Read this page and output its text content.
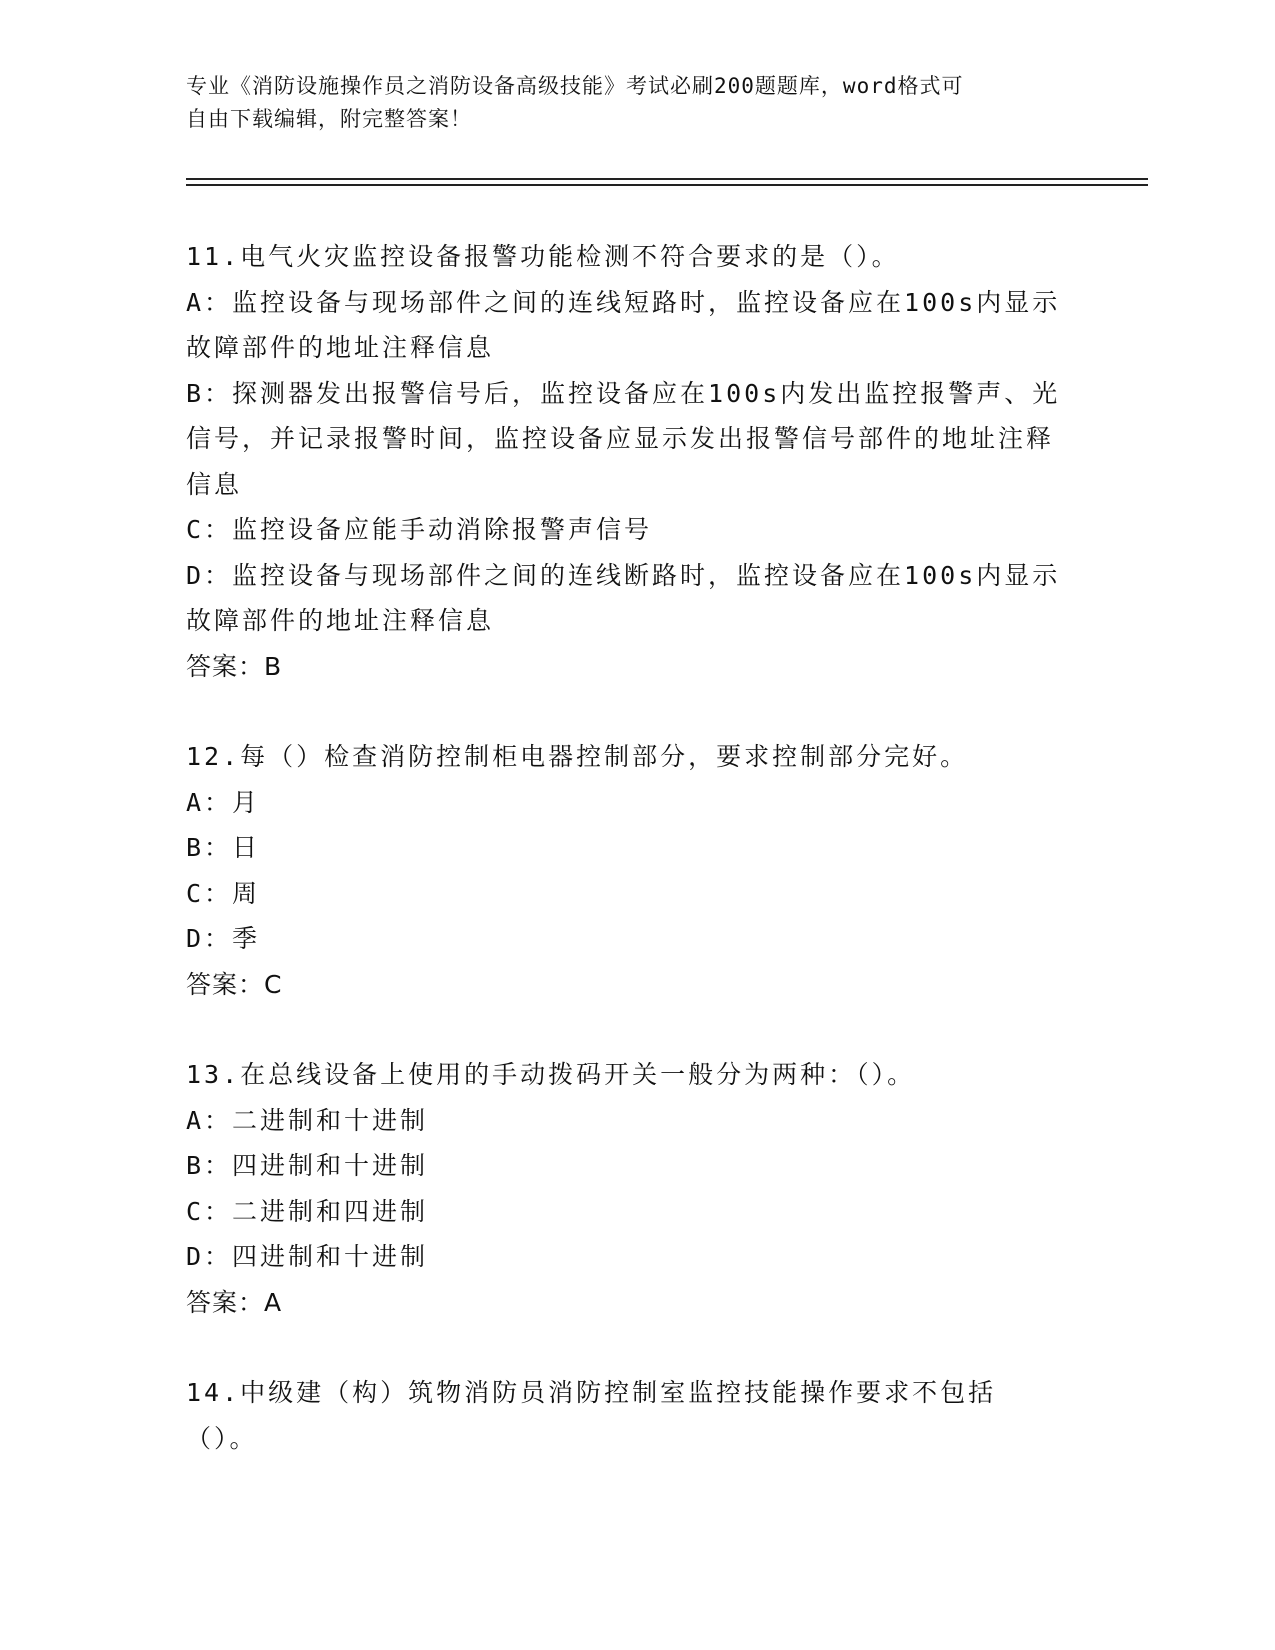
专业《消防设施操作员之消防设备高级技能》考试必刷200题题库，word格式可
自由下载编辑，附完整答案！

11.电气火灾监控设备报警功能检测不符合要求的是（）。

A：监控设备与现场部件之间的连线短路时，监控设备应在100s内显示故障部件的地址注释信息

B：探测器发出报警信号后，监控设备应在100s内发出监控报警声、光信号，并记录报警时间，监控设备应显示发出报警信号部件的地址注释信息

C：监控设备应能手动消除报警声信号

D：监控设备与现场部件之间的连线断路时，监控设备应在100s内显示故障部件的地址注释信息

答案：B

12.每（）检查消防控制柜电器控制部分，要求控制部分完好。

A：月

B：日

C：周

D：季

答案：C

13.在总线设备上使用的手动拨码开关一般分为两种：（）。

A：二进制和十进制

B：四进制和十进制

C：二进制和四进制

D：四进制和十进制

答案：A

14.中级建（构）筑物消防员消防控制室监控技能操作要求不包括（）。
